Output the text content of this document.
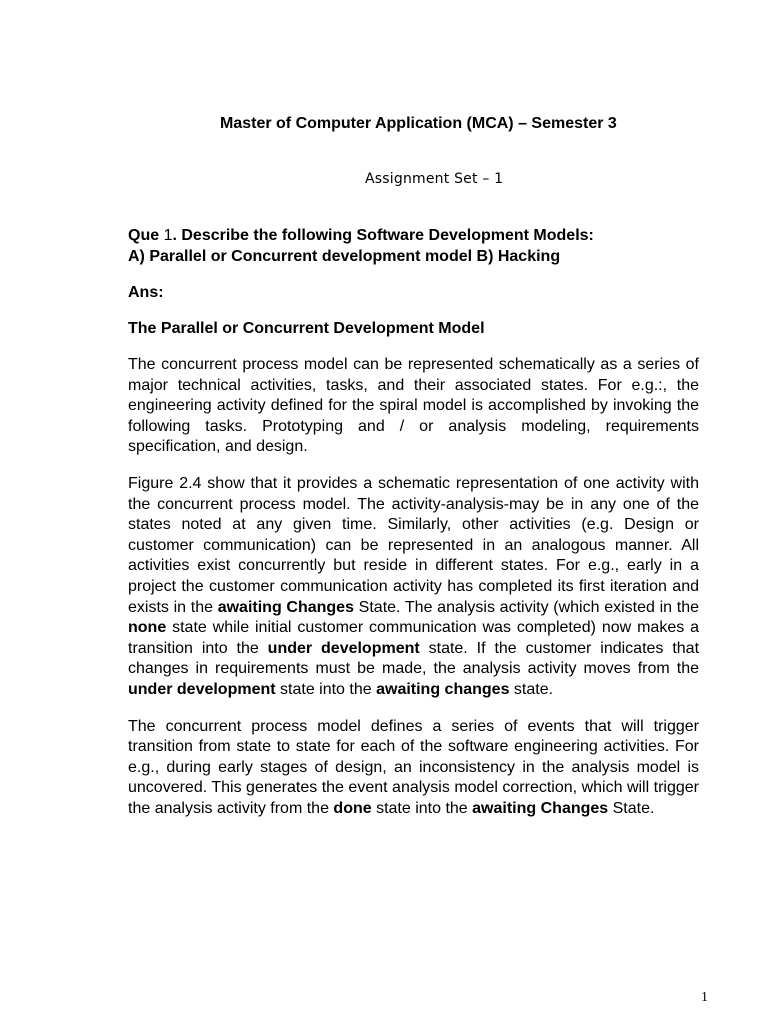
Master of Computer Application (MCA) – Semester 3

Assignment Set – 1

Que 1. Describe the following Software Development Models:
A) Parallel or Concurrent development model B) Hacking

Ans:

The Parallel or Concurrent Development Model

The concurrent process model can be represented schematically as a series of major technical activities, tasks, and their associated states. For e.g.:, the engineering activity defined for the spiral model is accomplished by invoking the following tasks. Prototyping and / or analysis modeling, requirements specification, and design.

Figure 2.4 show that it provides a schematic representation of one activity with the concurrent process model. The activity-analysis-may be in any one of the states noted at any given time. Similarly, other activities (e.g. Design or customer communication) can be represented in an analogous manner. All activities exist concurrently but reside in different states. For e.g., early in a project the customer communication activity has completed its first iteration and exists in the awaiting Changes State. The analysis activity (which existed in the none state while initial customer communication was completed) now makes a transition into the under development state. If the customer indicates that changes in requirements must be made, the analysis activity moves from the under development state into the awaiting changes state.

The concurrent process model defines a series of events that will trigger transition from state to state for each of the software engineering activities. For e.g., during early stages of design, an inconsistency in the analysis model is uncovered. This generates the event analysis model correction, which will trigger the analysis activity from the done state into the awaiting Changes State.

1
